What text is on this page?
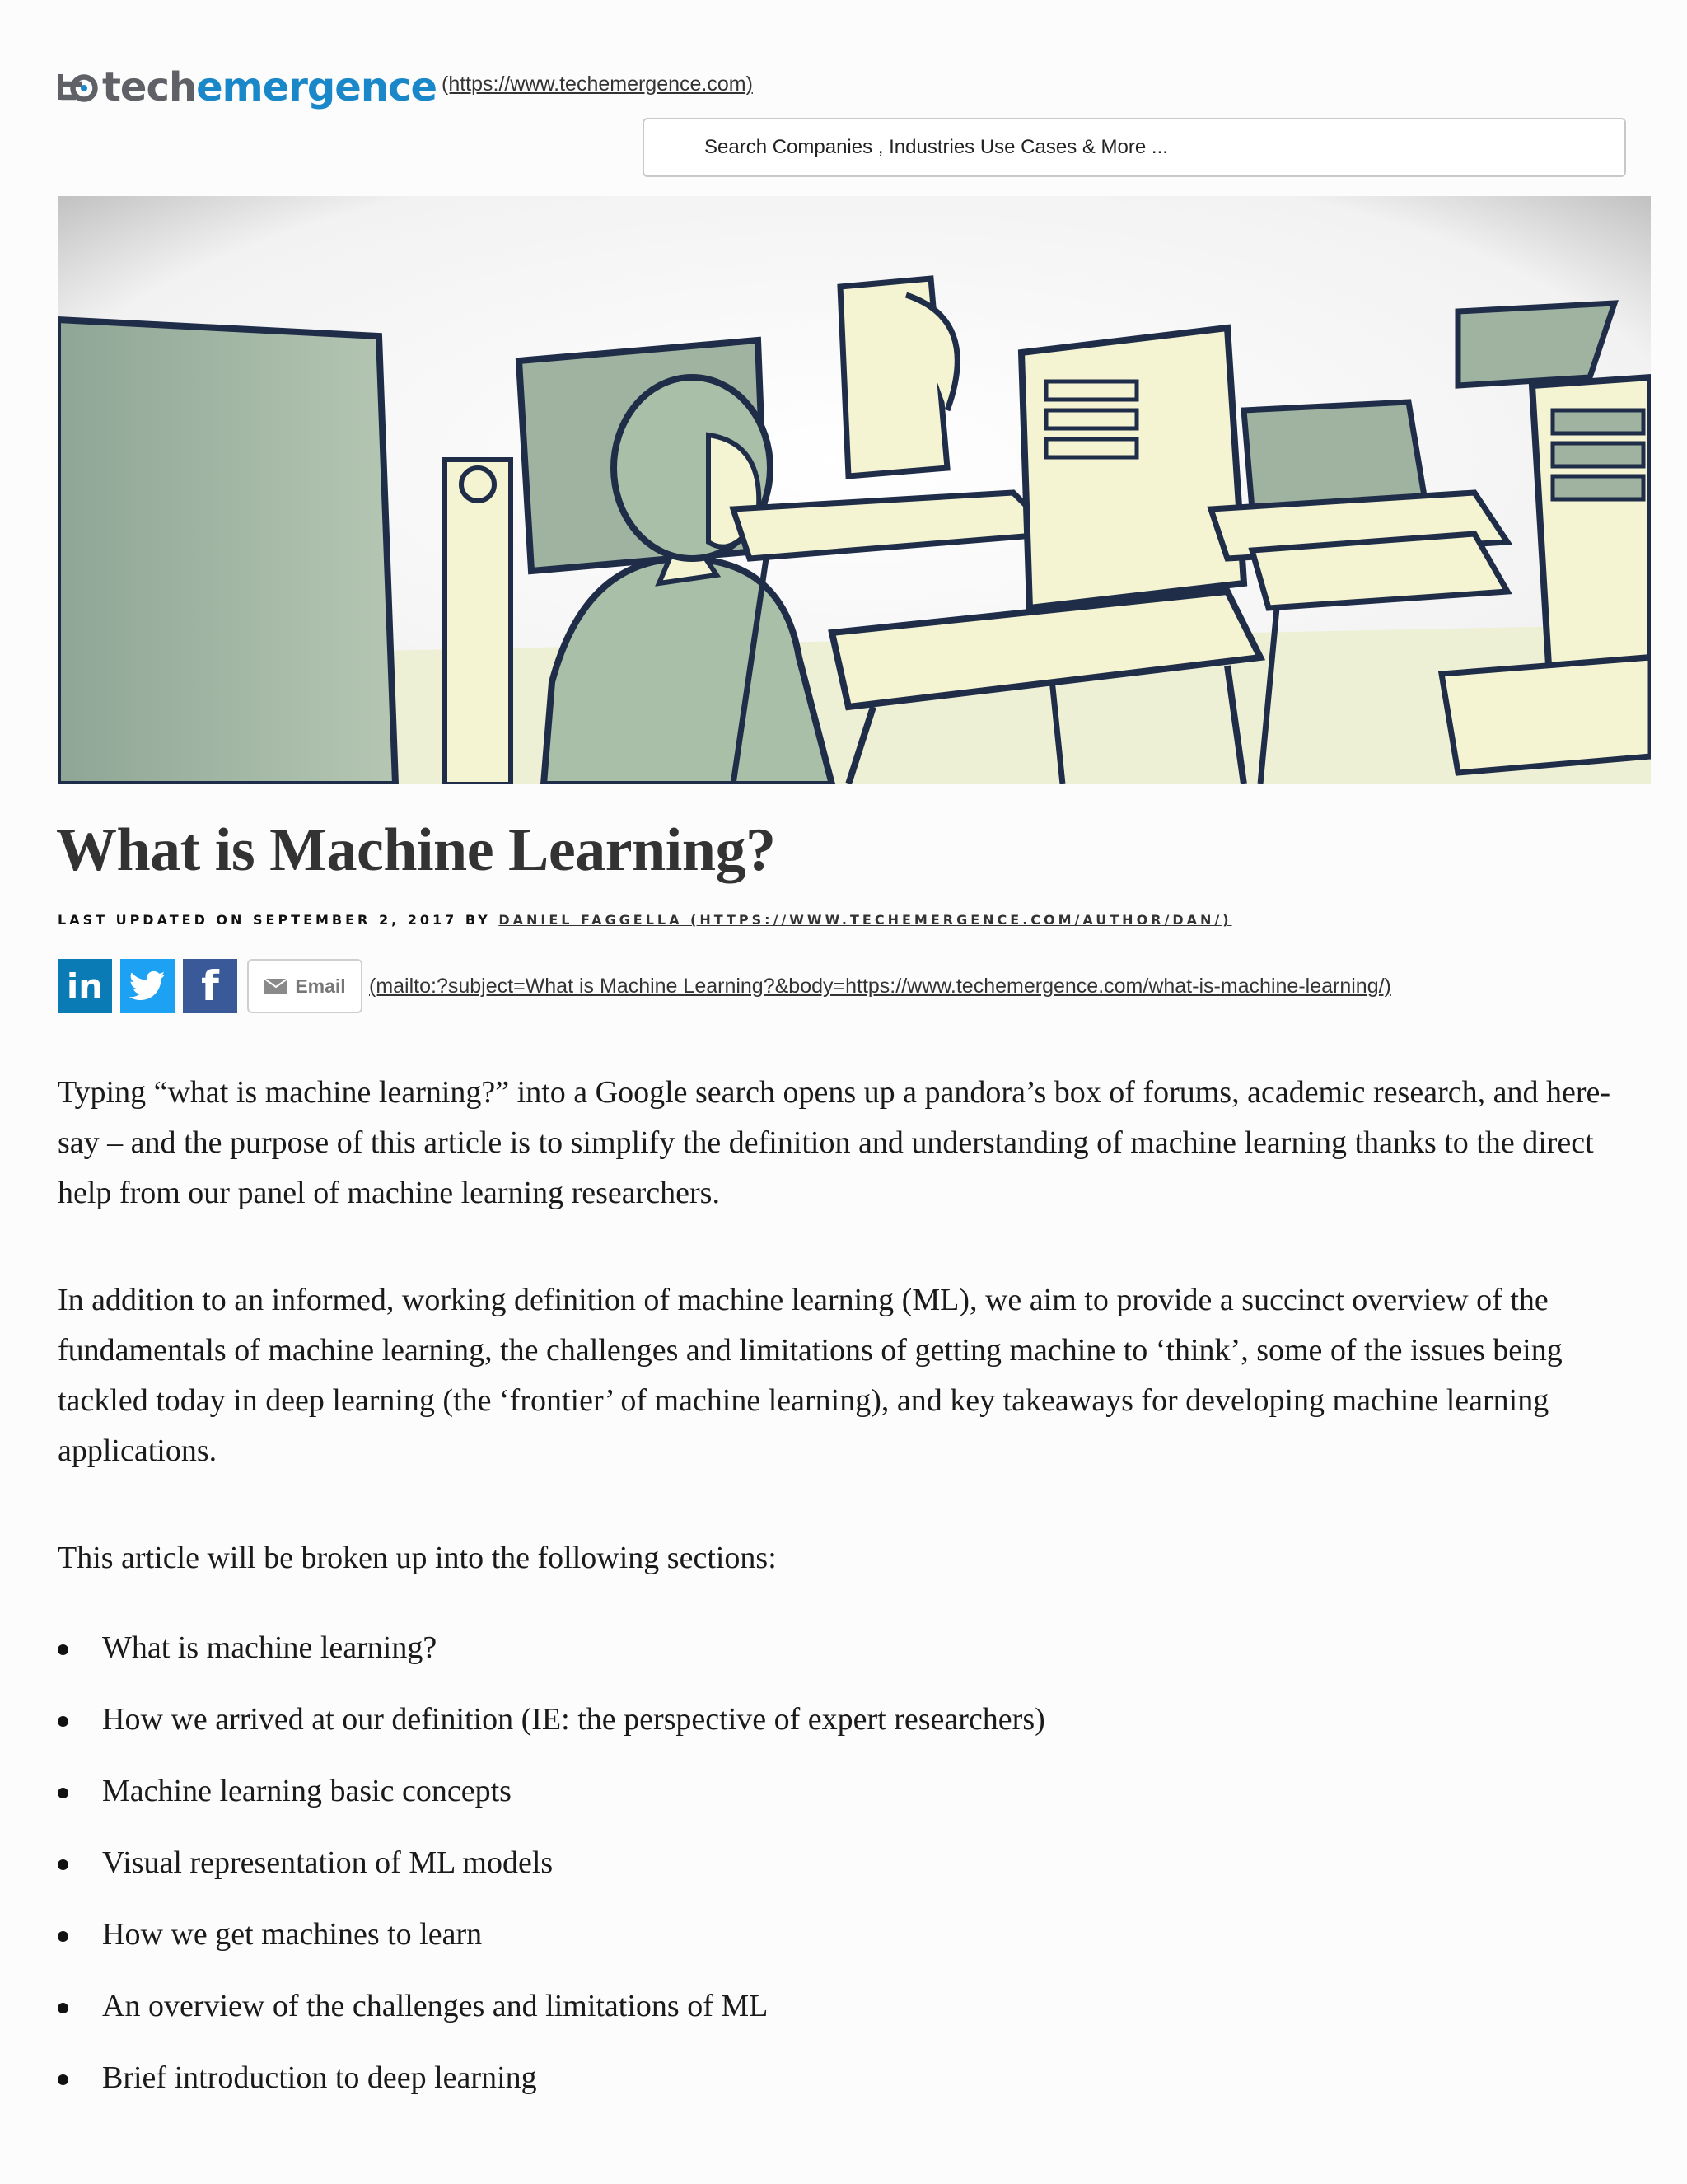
techemergence (https://www.techemergence.com)
Search Companies , Industries Use Cases & More ...
What is Machine Learning?
LAST UPDATED ON SEPTEMBER 2, 2017 BY DANIEL FAGGELLA (HTTPS://WWW.TECHEMERGENCE.COM/AUTHOR/DAN/)
in f	Email (mailto:?subject=What is Machine Learning?&body=https://www.techemergence.com/what-is-machine-learning/)

Typing “what is machine learning?” into a Google search opens up a pandora’s box of forums, academic research, and here-say – and the purpose of this article is to simplify the definition and understanding of machine learning thanks to the direct help from our panel of machine learning researchers.

In addition to an informed, working definition of machine learning (ML), we aim to provide a succinct overview of the fundamentals of machine learning, the challenges and limitations of getting machine to ‘think’, some of the issues being tackled today in deep learning (the ‘frontier’ of machine learning), and key takeaways for developing machine learning applications.

This article will be broken up into the following sections:

What is machine learning?
How we arrived at our definition (IE: the perspective of expert researchers)
Machine learning basic concepts
Visual representation of ML models
How we get machines to learn
An overview of the challenges and limitations of ML
Brief introduction to deep learning
